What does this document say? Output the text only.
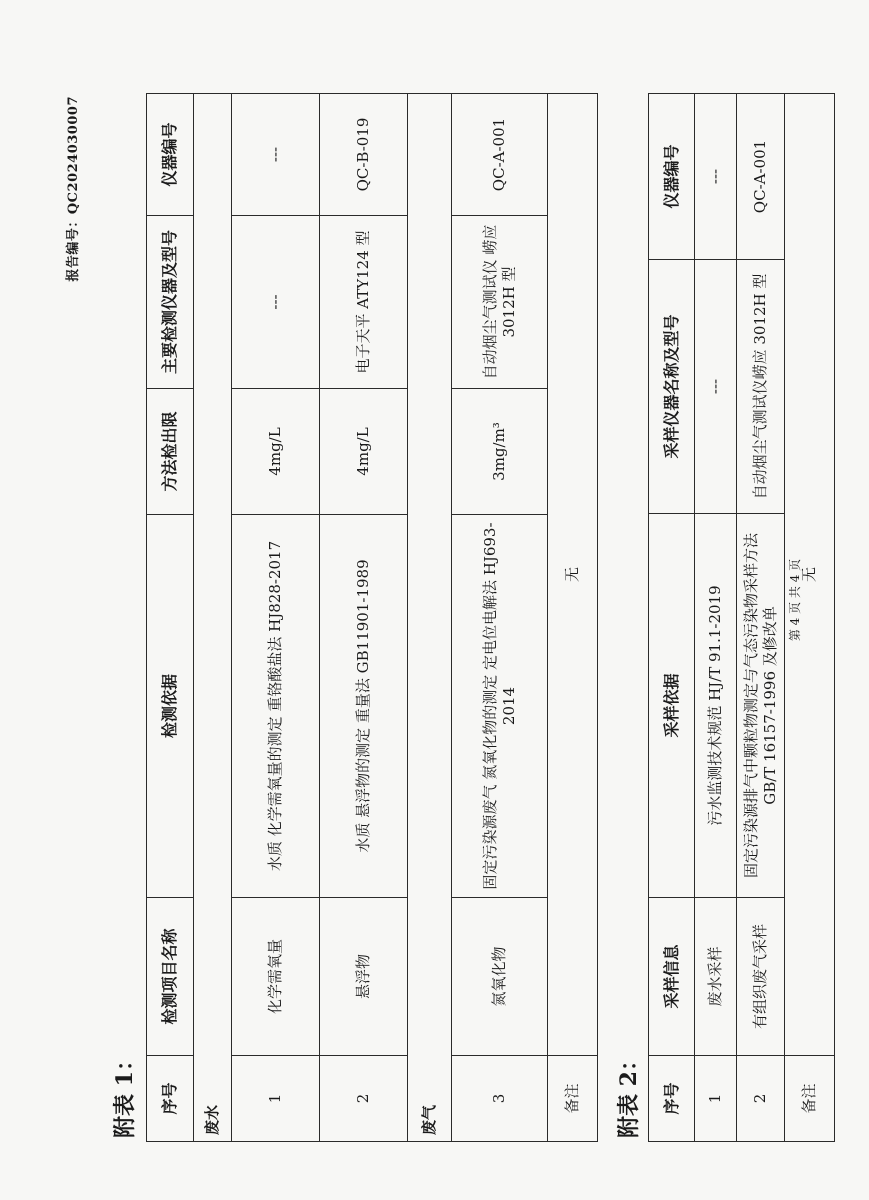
报告编号：QC2024030007
附表 1： 序号	检测项目名称	检测依据	方法检出限	主要检测仪器及型号	仪器编号
废水					
1	化学需氧量	水质 化学需氧量的测定 重铬酸盐法 HJ828-2017	4mg/L	---	---
2	悬浮物	水质 悬浮物的测定 重量法 GB11901-1989	4mg/L	电子天平 ATY124 型	QC-B-019
废气					
3	氮氧化物	固定污染源废气 氮氧化物的测定 定电位电解法 HJ693-2014	3mg/m³	自动烟尘气测试仪 崂应 3012H 型	QC-A-001
备注	无				
附表 2： 序号	采样信息	采样依据	采样仪器名称及型号	仪器编号
1	废水采样	污水监测技术规范 HJ/T 91.1-2019	---	---
2	有组织废气采样	固定污染源排气中颗粒物测定与气态污染物采样方法 GB/T 16157-1996 及修改单	自动烟尘气测试仪崂应 3012H 型	QC-A-001
备注	无			
第 4 页 共 4 页
